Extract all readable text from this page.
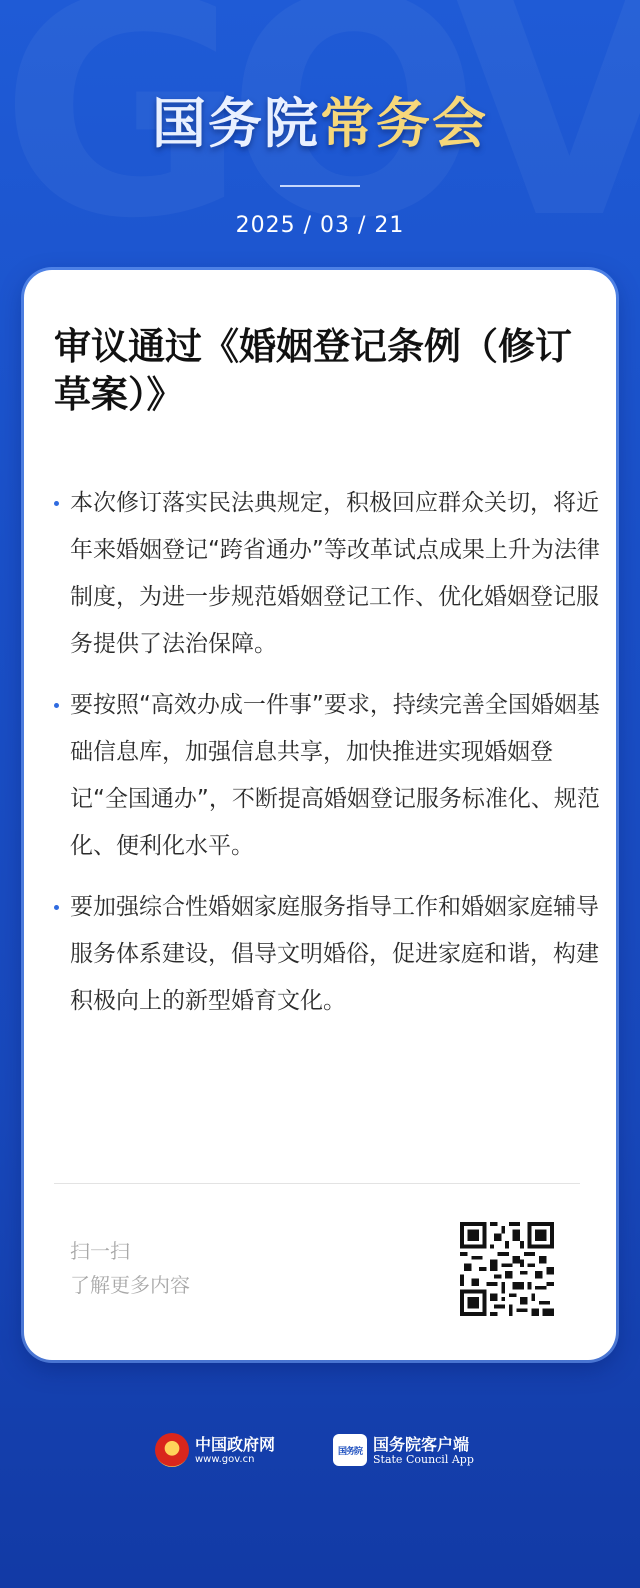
国务院常务会
2025 / 03 / 21
审议通过《婚姻登记条例（修订草案）》
本次修订落实民法典规定，积极回应群众关切，将近年来婚姻登记“跨省通办”等改革试点成果上升为法律制度，为进一步规范婚姻登记工作、优化婚姻登记服务提供了法治保障。
要按照“高效办成一件事”要求，持续完善全国婚姻基础信息库，加强信息共享，加快推进实现婚姻登记“全国通办”，不断提高婚姻登记服务标准化、规范化、便利化水平。
要加强综合性婚姻家庭服务指导工作和婚姻家庭辅导服务体系建设，倡导文明婚俗，促进家庭和谐，构建积极向上的新型婚育文化。
扫一扫
了解更多内容
中国政府网
www.gov.cn
国务院 国务院客户端
State Council App
